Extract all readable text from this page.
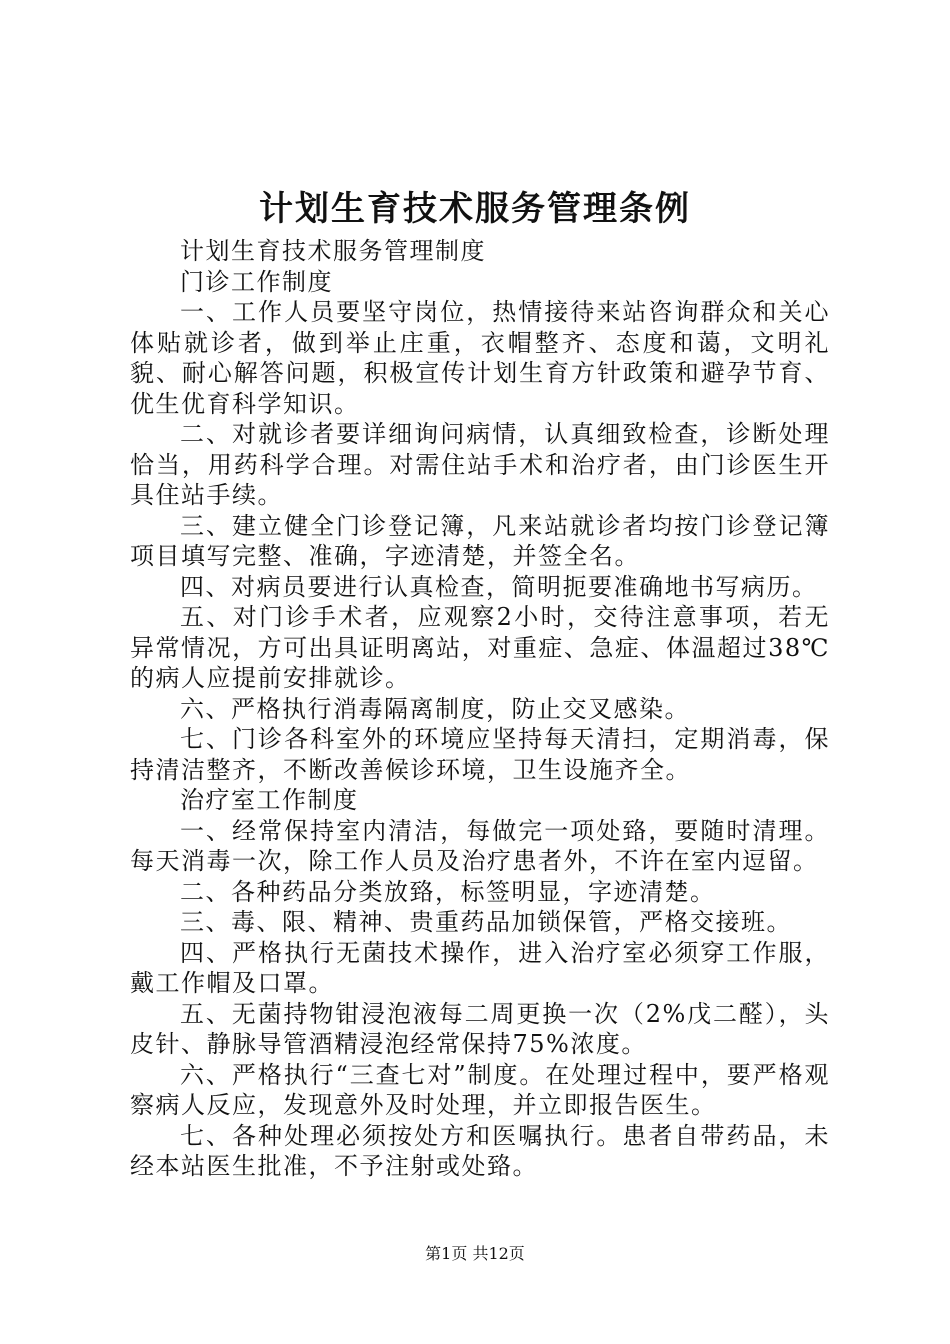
计划生育技术服务管理条例

计划生育技术服务管理制度

门诊工作制度

一、工作人员要坚守岗位，热情接待来站咨询群众和关心体贴就诊者，做到举止庄重，衣帽整齐、态度和蔼，文明礼貌、耐心解答问题，积极宣传计划生育方针政策和避孕节育、优生优育科学知识。

二、对就诊者要详细询问病情，认真细致检查，诊断处理恰当，用药科学合理。对需住站手术和治疗者，由门诊医生开具住站手续。

三、建立健全门诊登记簿，凡来站就诊者均按门诊登记簿项目填写完整、准确，字迹清楚，并签全名。

四、对病员要进行认真检查，简明扼要准确地书写病历。

五、对门诊手术者，应观察2小时，交待注意事项，若无异常情况，方可出具证明离站，对重症、急症、体温超过38℃的病人应提前安排就诊。

六、严格执行消毒隔离制度，防止交叉感染。

七、门诊各科室外的环境应坚持每天清扫，定期消毒，保持清洁整齐，不断改善候诊环境，卫生设施齐全。

治疗室工作制度

一、经常保持室内清洁，每做完一项处臵，要随时清理。每天消毒一次，除工作人员及治疗患者外，不许在室内逗留。

二、各种药品分类放臵，标签明显，字迹清楚。

三、毒、限、精神、贵重药品加锁保管，严格交接班。

四、严格执行无菌技术操作，进入治疗室必须穿工作服，戴工作帽及口罩。

五、无菌持物钳浸泡液每二周更换一次（2%戊二醛），头皮针、静脉导管酒精浸泡经常保持75%浓度。

六、严格执行“三查七对”制度。在处理过程中，要严格观察病人反应，发现意外及时处理，并立即报告医生。

七、各种处理必须按处方和医嘱执行。患者自带药品，未经本站医生批准，不予注射或处臵。

第1页 共12页
